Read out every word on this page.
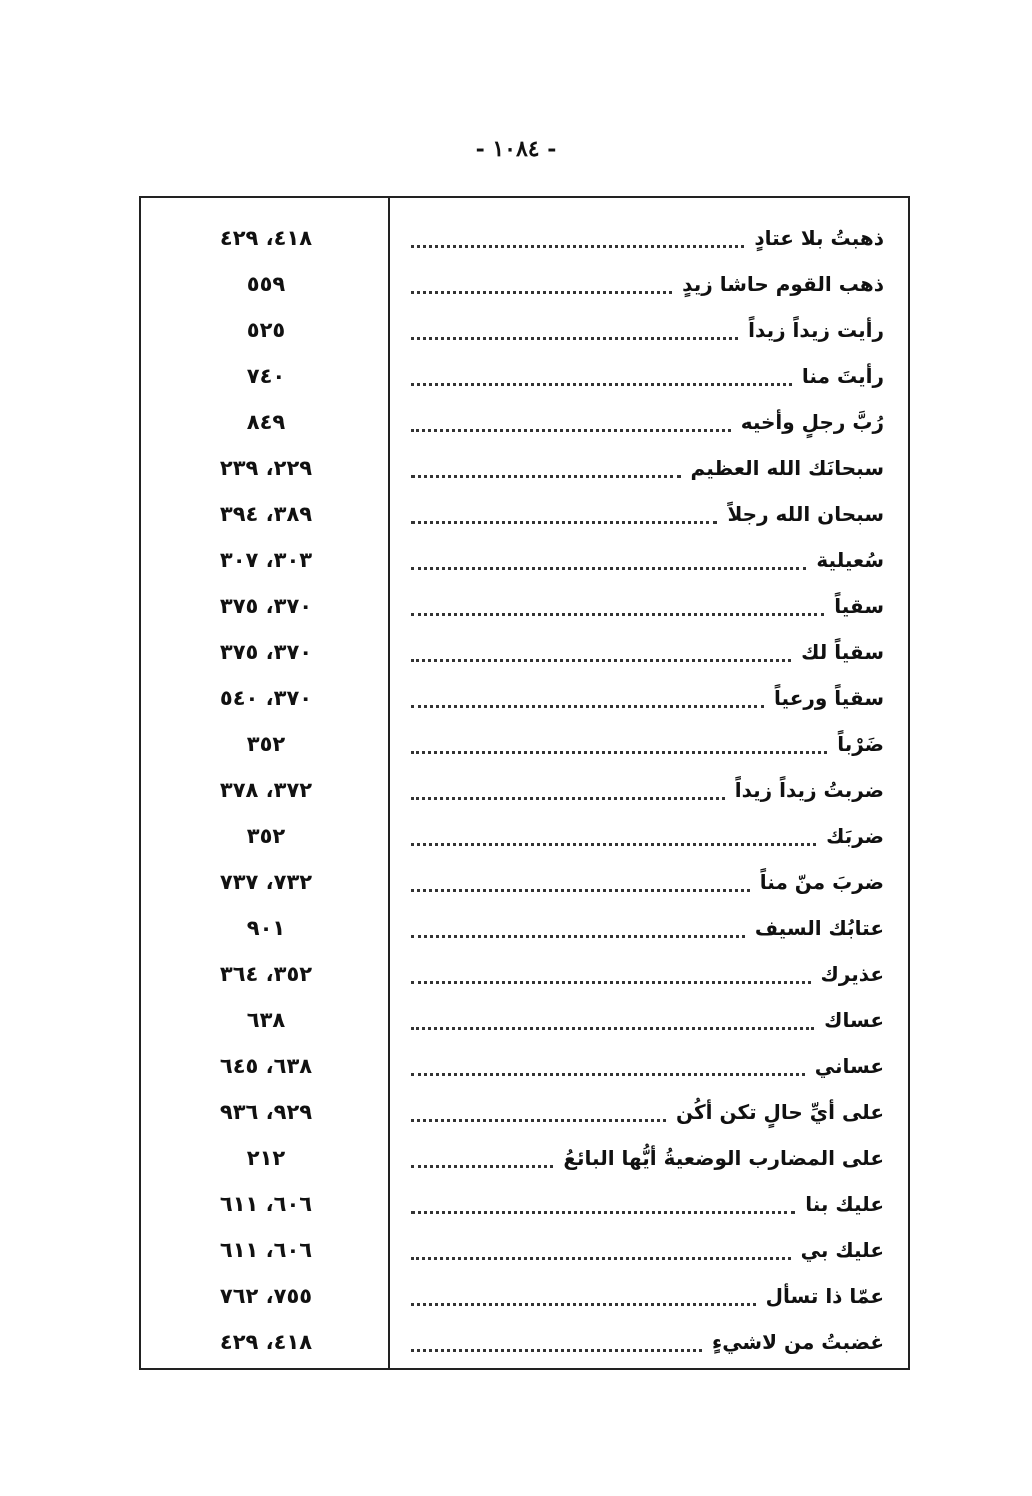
- ١٠٨٤ -
ذهبتُ بلا عتادٍ
٤١٨، ٤٢٩
ذهب القوم حاشا زيدٍ
٥٥٩
رأيت زيداً زيداً
٥٢٥
رأيتَ منا
٧٤٠
رُبَّ رجلٍ وأخيه
٨٤٩
سبحانَك الله العظيم
٢٢٩، ٢٣٩
سبحان الله رجلاً
٣٨٩، ٣٩٤
سُعيلية
٣٠٣، ٣٠٧
سقياً
٣٧٠، ٣٧٥
سقياً لك
٣٧٠، ٣٧٥
سقياً ورعياً
٣٧٠، ٥٤٠
ضَرْباً
٣٥٢
ضربتُ زيداً زيداً
٣٧٢، ٣٧٨
ضربَك
٣٥٢
ضربَ منّ مناً
٧٣٢، ٧٣٧
عتابُك السيف
٩٠١
عذيرك
٣٥٢، ٣٦٤
عساك
٦٣٨
عساني
٦٣٨، ٦٤٥
على أيِّ حالٍ تكن أكُن
٩٢٩، ٩٣٦
على المضارب الوضعيةُ أيُّها البائعُ
٢١٢
عليك بنا
٦٠٦، ٦١١
عليك بي
٦٠٦، ٦١١
عمّا ذا تسأل
٧٥٥، ٧٦٢
غضبتُ من لاشيءٍ
٤١٨، ٤٢٩
